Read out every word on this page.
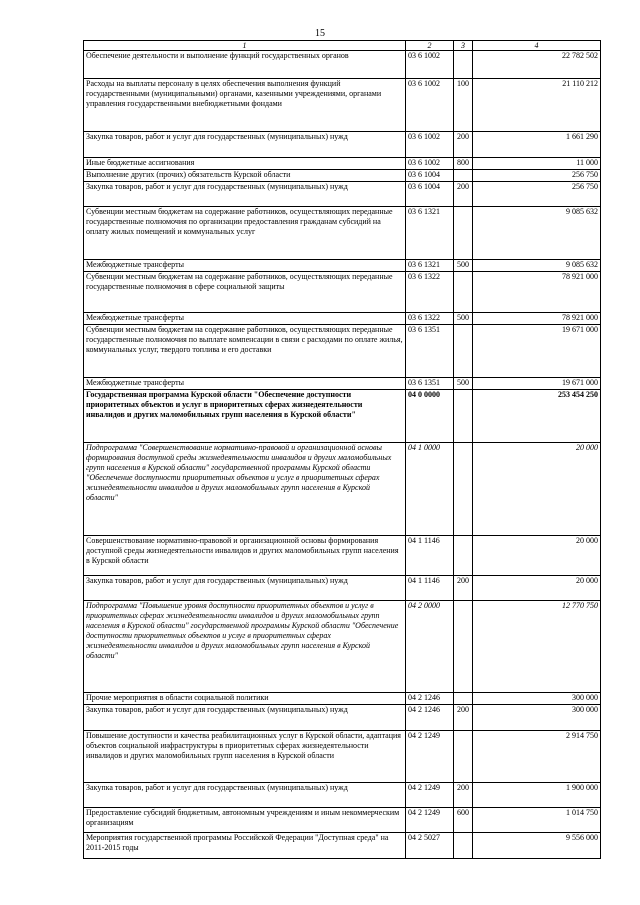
15
1	2	3	4
Обеспечение деятельности и выполнение функций государственных органов	03 6 1002		22 782 502
Расходы на выплаты персоналу в целях обеспечения выполнения функций государственными (муниципальными) органами, казенными учреждениями, органами управления государственными внебюджетными фондами	03 6 1002	100	21 110 212
Закупка товаров, работ и услуг для государственных (муниципальных) нужд	03 6 1002	200	1 661 290
Иные бюджетные ассигнования	03 6 1002	800	11 000
Выполнение других (прочих) обязательств Курской области	03 6 1004		256 750
Закупка товаров, работ и услуг для государственных (муниципальных) нужд	03 6 1004	200	256 750
Субвенции местным бюджетам на содержание работников, осуществляющих переданные государственные полномочия по организации предоставления гражданам субсидий на оплату жилых помещений и коммунальных услуг	03 6 1321		9 085 632
Межбюджетные трансферты	03 6 1321	500	9 085 632
Субвенции местным бюджетам на содержание работников, осуществляющих переданные государственные полномочия в сфере социальной защиты	03 6 1322		78 921 000
Межбюджетные трансферты	03 6 1322	500	78 921 000
Субвенции местным бюджетам на содержание работников, осуществляющих переданные государственные полномочия по выплате компенсации в связи с расходами по оплате жилья, коммунальных услуг, твердого топлива и его доставки	03 6 1351		19 671 000
Межбюджетные трансферты	03 6 1351	500	19 671 000
Государственная программа Курской области "Обеспечение доступности приоритетных объектов и услуг в приоритетных сферах жизнедеятельности инвалидов и других маломобильных групп населения в Курской области"	04 0 0000		253 454 250
Подпрограмма "Совершенствование нормативно-правовой и организационной основы формирования доступной среды жизнедеятельности инвалидов и других маломобильных групп населения в Курской области" государственной программы Курской области "Обеспечение доступности приоритетных объектов и услуг в приоритетных сферах жизнедеятельности инвалидов и других маломобильных групп населения в Курской области"	04 1 0000		20 000
Совершенствование нормативно-правовой и организационной основы формирования доступной среды жизнедеятельности инвалидов и других маломобильных групп населения в Курской области	04 1 1146		20 000
Закупка товаров, работ и услуг для государственных (муниципальных) нужд	04 1 1146	200	20 000
Подпрограмма "Повышение уровня доступности приоритетных объектов и услуг в приоритетных сферах жизнедеятельности инвалидов и других маломобильных групп населения в Курской области" государственной программы Курской области "Обеспечение доступности приоритетных объектов и услуг в приоритетных сферах жизнедеятельности инвалидов и других маломобильных групп населения в Курской области"	04 2 0000		12 770 750
Прочие мероприятия в области социальной политики	04 2 1246		300 000
Закупка товаров, работ и услуг для государственных (муниципальных) нужд	04 2 1246	200	300 000
Повышение доступности и качества реабилитационных услуг в Курской области, адаптация объектов социальной инфраструктуры в приоритетных сферах жизнедеятельности инвалидов и других маломобильных групп населения в Курской области	04 2 1249		2 914 750
Закупка товаров, работ и услуг для государственных (муниципальных) нужд	04 2 1249	200	1 900 000
Предоставление субсидий бюджетным, автономным учреждениям и иным некоммерческим организациям	04 2 1249	600	1 014 750
Мероприятия государственной программы Российской Федерации "Доступная среда" на 2011-2015 годы	04 2 5027		9 556 000
